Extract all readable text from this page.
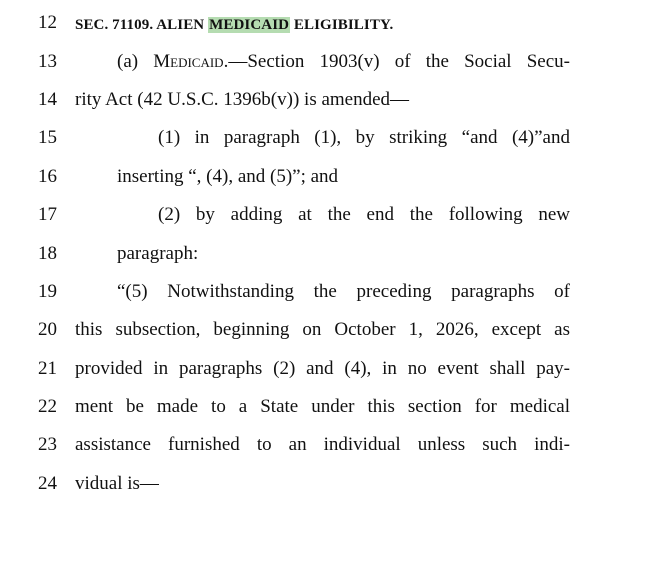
12	SEC. 71109. ALIEN MEDICAID ELIGIBILITY.
13	(a) Medicaid.—Section 1903(v) of the Social Secu-
14 rity Act (42 U.S.C. 1396b(v)) is amended—
15	(1) in paragraph (1), by striking “and (4)”and
16	inserting “, (4), and (5)”; and
17	(2) by adding at the end the following new
18	paragraph:
19	“(5) Notwithstanding the preceding paragraphs of
20 this subsection, beginning on October 1, 2026, except as
21 provided in paragraphs (2) and (4), in no event shall pay-
22 ment be made to a State under this section for medical
23 assistance furnished to an individual unless such indi-
24 vidual is—
